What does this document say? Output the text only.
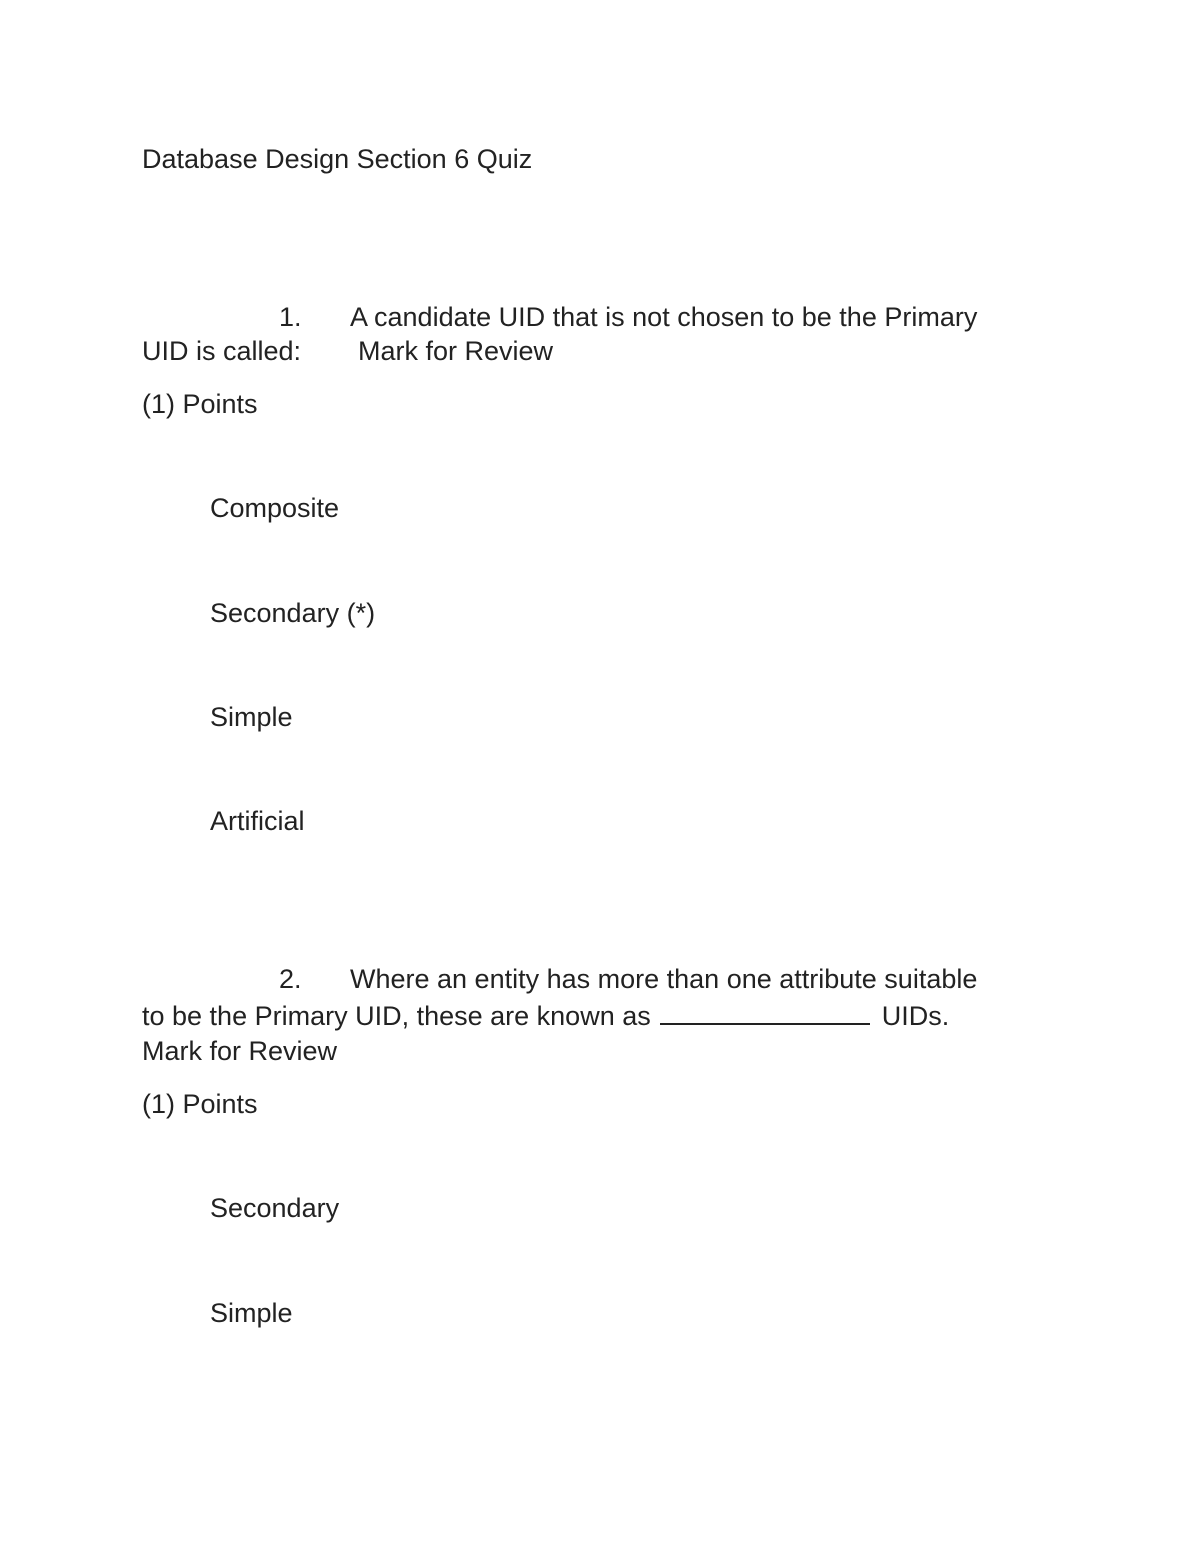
Database Design Section 6 Quiz
1. A candidate UID that is not chosen to be the Primary
UID is called: Mark for Review
(1) Points
Composite
Secondary (*)
Simple
Artificial
2. Where an entity has more than one attribute suitable
to be the Primary UID, these are known as	UIDs.
Mark for Review
(1) Points
Secondary
Simple
